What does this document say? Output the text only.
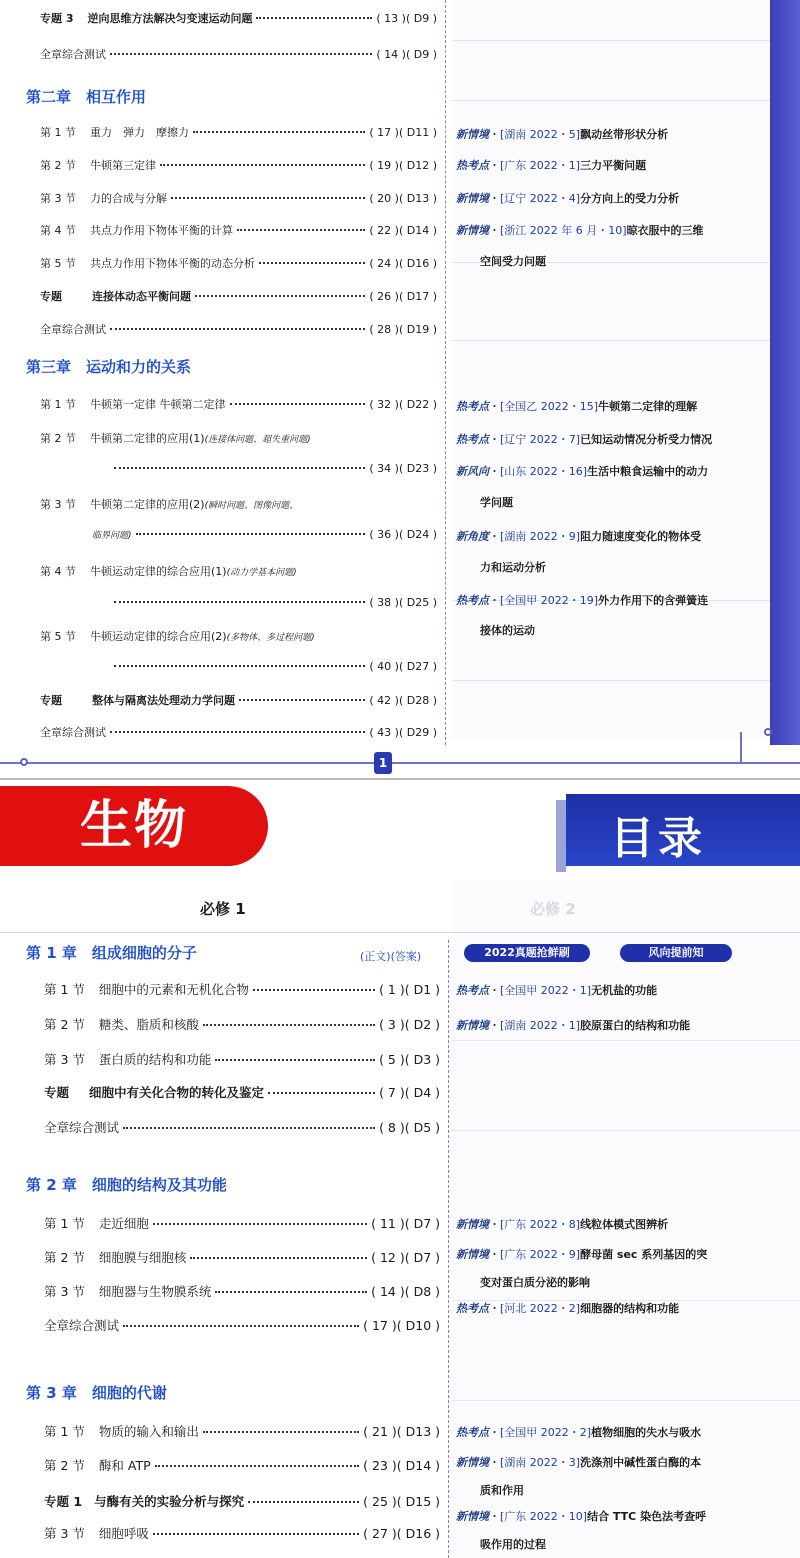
专题 3 逆向思维方法解决匀变速运动问题	( 13 )( D9 )
全章综合测试	( 14 )( D9 )
第二章　相互作用
第 1 节 重力　弹力　摩擦力	( 17 )( D11 )
第 2 节 牛顿第三定律	( 19 )( D12 )
第 3 节 力的合成与分解	( 20 )( D13 )
第 4 节 共点力作用下物体平衡的计算	( 22 )( D14 )
第 5 节 共点力作用下物体平衡的动态分析	( 24 )( D16 )
专题	连接体动态平衡问题	( 26 )( D17 )
全章综合测试	( 28 )( D19 )
新情境・[湖南 2022・5]飘动丝带形状分析
热考点・[广东 2022・1]三力平衡问题
新情境・[辽宁 2022・4]分方向上的受力分析
新情境・[浙江 2022 年 6 月・10]晾衣服中的三维
空间受力问题
第三章　运动和力的关系
第 1 节 牛顿第一定律 牛顿第二定律	( 32 )( D22 )
第 2 节 牛顿第二定律的应用(1) (连接体问题、超失重问题)
( 34 )( D23 )
第 3 节 牛顿第二定律的应用(2) (瞬时问题、图像问题、
临界问题)	( 36 )( D24 )
第 4 节 牛顿运动定律的综合应用(1) (动力学基本问题)
( 38 )( D25 )
第 5 节 牛顿运动定律的综合应用(2) (多物体、多过程问题)
( 40 )( D27 )
专题	整体与隔离法处理动力学问题	( 42 )( D28 )
全章综合测试	( 43 )( D29 )
热考点・[全国乙 2022・15]牛顿第二定律的理解
热考点・[辽宁 2022・7]已知运动情况分析受力情况
新风向・[山东 2022・16]生活中粮食运输中的动力
学问题
新角度・[湖南 2022・9]阻力随速度变化的物体受
力和运动分析
热考点・[全国甲 2022・19]外力作用下的含弹簧连
接体的运动
1
生物	目录
必修 1	必修 2
(正文)(答案)	2022真题抢鲜刷	风向提前知
第 1 章　组成细胞的分子
第 1 节 细胞中的元素和无机化合物	( 1 )( D1 )
第 2 节 糖类、脂质和核酸	( 3 )( D2 )
第 3 节 蛋白质的结构和功能	( 5 )( D3 )
专题 细胞中有关化合物的转化及鉴定	( 7 )( D4 )
全章综合测试	( 8 )( D5 )
热考点・[全国甲 2022・1]无机盐的功能
新情境・[湖南 2022・1]胶原蛋白的结构和功能
第 2 章　细胞的结构及其功能
第 1 节 走近细胞	( 11 )( D7 )
第 2 节 细胞膜与细胞核	( 12 )( D7 )
第 3 节 细胞器与生物膜系统	( 14 )( D8 )
全章综合测试	( 17 )( D10 )
新情境・[广东 2022・8]线粒体模式图辨析
新情境・[广东 2022・9]酵母菌 sec 系列基因的突
变对蛋白质分泌的影响
热考点・[河北 2022・2]细胞器的结构和功能
第 3 章　细胞的代谢
第 1 节 物质的输入和输出	( 21 )( D13 )
第 2 节 酶和 ATP	( 23 )( D14 )
专题 1 与酶有关的实验分析与探究	( 25 )( D15 )
第 3 节 细胞呼吸	( 27 )( D16 )
热考点・[全国甲 2022・2]植物细胞的失水与吸水
新情境・[湖南 2022・3]洗涤剂中碱性蛋白酶的本
质和作用
新情境・[广东 2022・10]结合 TTC 染色法考查呼
吸作用的过程
